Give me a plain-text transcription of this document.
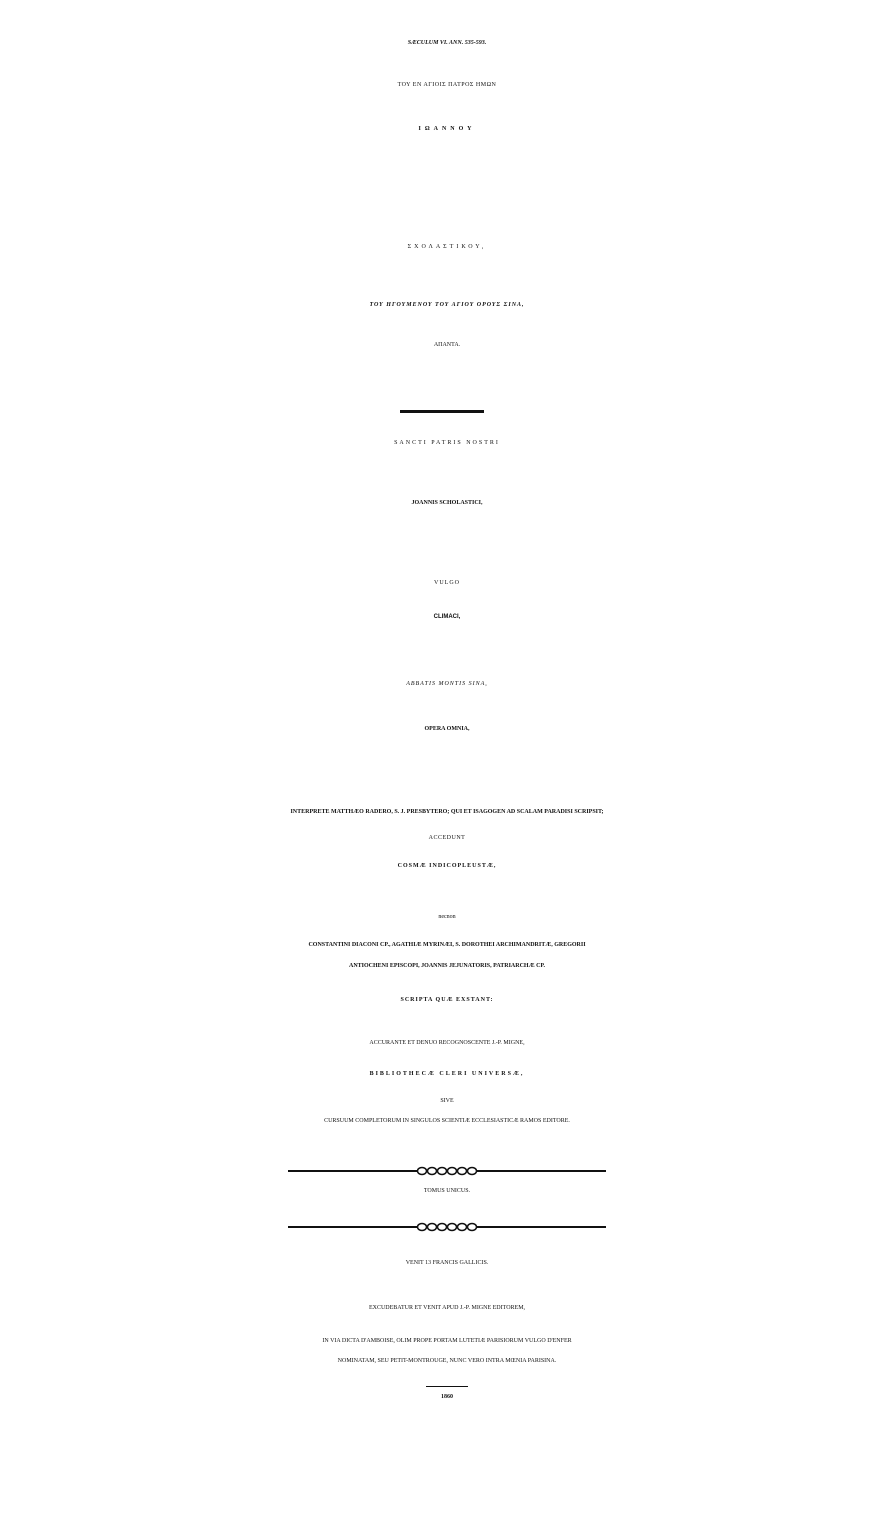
SÆCULUM VI. ANN. 535-593.
ΤΟΥ ΕΝ ΑΓΙΟΙΣ ΠΑΤΡΟΣ ΗΜΩΝ
ΙΩΑΝΝΟΥ
ΣΧΟΛΑΣΤΙΚΟΥ,
ΤΟΥ ΗΓΟΥΜΕΝΟΥ ΤΟΥ ΑΓΙΟΥ ΟΡΟΥΣ ΣΙΝΑ,
ΑΠΑΝΤΑ.
SANCTI PATRIS NOSTRI
JOANNIS SCHOLASTICI,
VULGO
CLIMACI,
ABBATIS MONTIS SINA,
OPERA OMNIA,
INTERPRETE MATTHÆO RADERO, S. J. PRESBYTERO; QUI ET ISAGOGEN AD SCALAM PARADISI SCRIPSIT;
ACCEDUNT
COSMÆ INDICOPLEUSTÆ,
necnon
CONSTANTINI DIACONI CP., AGATHIÆ MYRINÆI, S. DOROTHEI ARCHIMANDRITÆ, GREGORII
ANTIOCHENI EPISCOPI, JOANNIS JEJUNATORIS, PATRIARCHÆ CP.
SCRIPTA QUÆ EXSTANT:
ACCURANTE ET DENUO RECOGNOSCENTE J.-P. MIGNE,
BIBLIOTHECÆ CLERI UNIVERSÆ,
SIVE
CURSUUM COMPLETORUM IN SINGULOS SCIENTIÆ ECCLESIASTICÆ RAMOS EDITORE.
TOMUS UNICUS.
VENIT 13 FRANCIS GALLICIS.
EXCUDEBATUR ET VENIT APUD J.-P. MIGNE EDITOREM,
IN VIA DICTA D'AMBOISE, OLIM PROPE PORTAM LUTETIÆ PARISIORUM VULGO D'ENFER
NOMINATAM, SEU PETIT-MONTROUGE, NUNC VERO INTRA MŒNIA PARISINA.
1860
